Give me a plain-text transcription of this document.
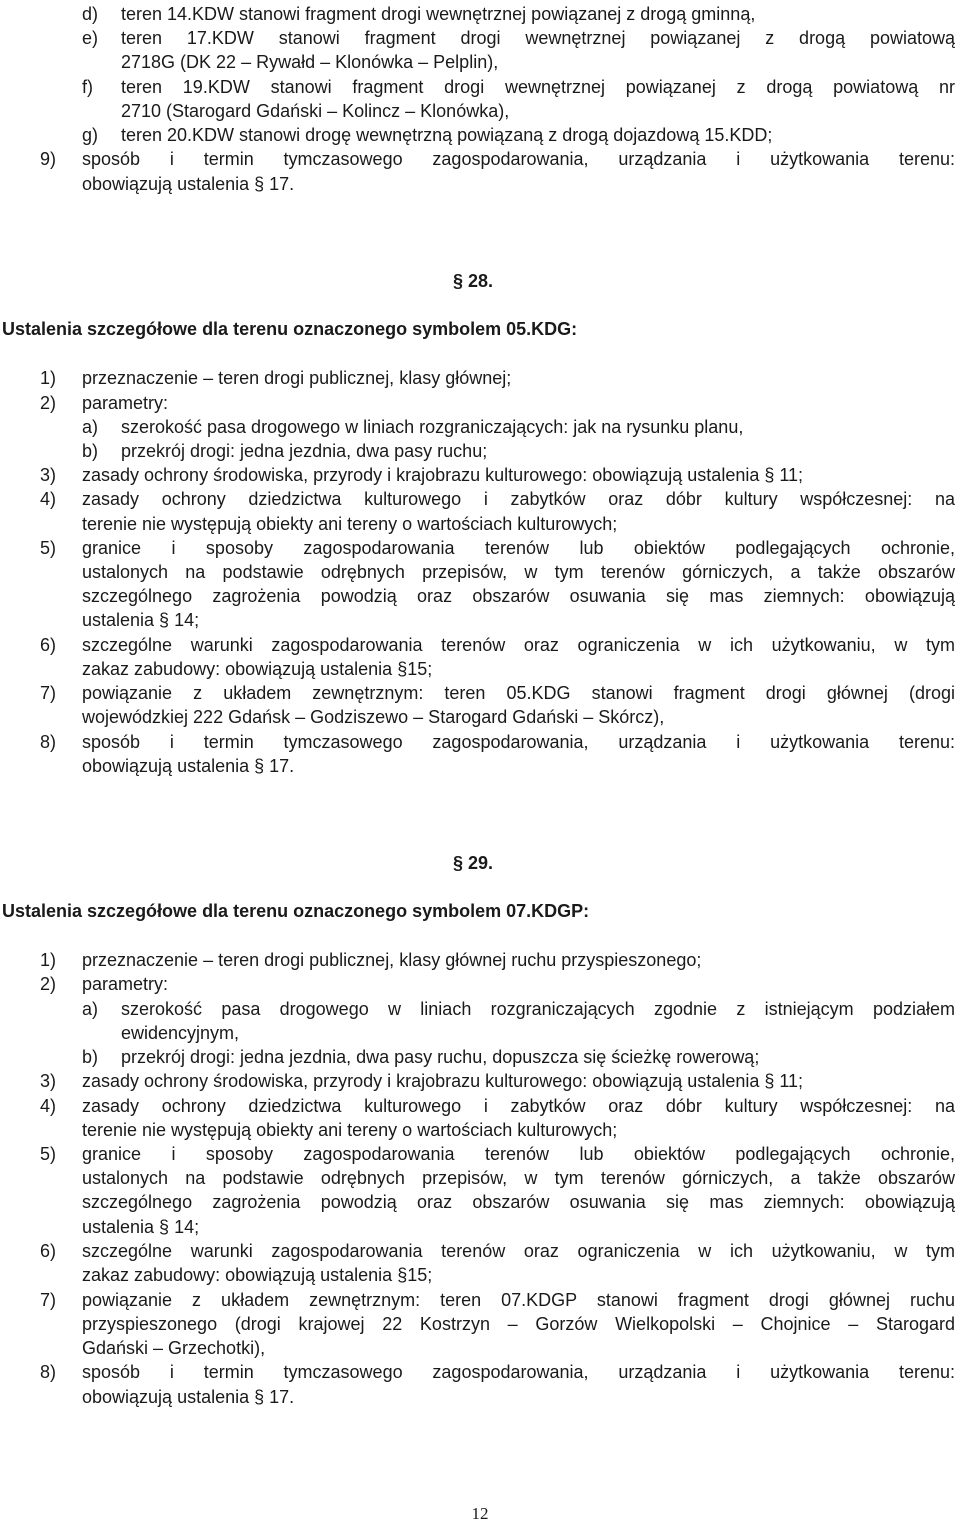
d)	teren 14.KDW stanowi fragment drogi wewnętrznej powiązanej z drogą gminną,
e)	teren 17.KDW stanowi fragment drogi wewnętrznej powiązanej z drogą powiatową
2718G (DK 22 – Rywałd – Klonówka – Pelplin),
f)	teren 19.KDW stanowi fragment drogi wewnętrznej powiązanej z drogą powiatową nr
2710 (Starogard Gdański – Kolincz – Klonówka),
g)	teren 20.KDW stanowi drogę wewnętrzną powiązaną z drogą dojazdową 15.KDD;
9)	sposób i termin tymczasowego zagospodarowania, urządzania i użytkowania terenu:
obowiązują ustalenia § 17.
§ 28.
Ustalenia szczegółowe dla terenu oznaczonego symbolem 05.KDG:
1)	przeznaczenie – teren drogi publicznej, klasy głównej;
2)	parametry:
a)	szerokość pasa drogowego w liniach rozgraniczających: jak na rysunku planu,
b)	przekrój drogi: jedna jezdnia, dwa pasy ruchu;
3)	zasady ochrony środowiska, przyrody i krajobrazu kulturowego: obowiązują ustalenia § 11;
4)	zasady ochrony dziedzictwa kulturowego i zabytków oraz dóbr kultury współczesnej: na
terenie nie występują obiekty ani tereny o wartościach kulturowych;
5)	granice i sposoby zagospodarowania terenów lub obiektów podlegających ochronie,
ustalonych na podstawie odrębnych przepisów, w tym terenów górniczych, a także obszarów
szczególnego zagrożenia powodzią oraz obszarów osuwania się mas ziemnych: obowiązują
ustalenia § 14;
6)	szczególne warunki zagospodarowania terenów oraz ograniczenia w ich użytkowaniu, w tym
zakaz zabudowy: obowiązują ustalenia §15;
7)	powiązanie z układem zewnętrznym: teren 05.KDG stanowi fragment drogi głównej (drogi
wojewódzkiej 222 Gdańsk – Godziszewo – Starogard Gdański – Skórcz),
8)	sposób i termin tymczasowego zagospodarowania, urządzania i użytkowania terenu:
obowiązują ustalenia § 17.
§ 29.
Ustalenia szczegółowe dla terenu oznaczonego symbolem 07.KDGP:
1)	przeznaczenie – teren drogi publicznej, klasy głównej ruchu przyspieszonego;
2)	parametry:
a)	szerokość pasa drogowego w liniach rozgraniczających zgodnie z istniejącym podziałem
ewidencyjnym,
b)	przekrój drogi: jedna jezdnia, dwa pasy ruchu, dopuszcza się ścieżkę rowerową;
3)	zasady ochrony środowiska, przyrody i krajobrazu kulturowego: obowiązują ustalenia § 11;
4)	zasady ochrony dziedzictwa kulturowego i zabytków oraz dóbr kultury współczesnej: na
terenie nie występują obiekty ani tereny o wartościach kulturowych;
5)	granice i sposoby zagospodarowania terenów lub obiektów podlegających ochronie,
ustalonych na podstawie odrębnych przepisów, w tym terenów górniczych, a także obszarów
szczególnego zagrożenia powodzią oraz obszarów osuwania się mas ziemnych: obowiązują
ustalenia § 14;
6)	szczególne warunki zagospodarowania terenów oraz ograniczenia w ich użytkowaniu, w tym
zakaz zabudowy: obowiązują ustalenia §15;
7)	powiązanie z układem zewnętrznym: teren 07.KDGP stanowi fragment drogi głównej ruchu
przyspieszonego (drogi krajowej 22 Kostrzyn – Gorzów Wielkopolski – Chojnice – Starogard
Gdański – Grzechotki),
8)	sposób i termin tymczasowego zagospodarowania, urządzania i użytkowania terenu:
obowiązują ustalenia § 17.
12
